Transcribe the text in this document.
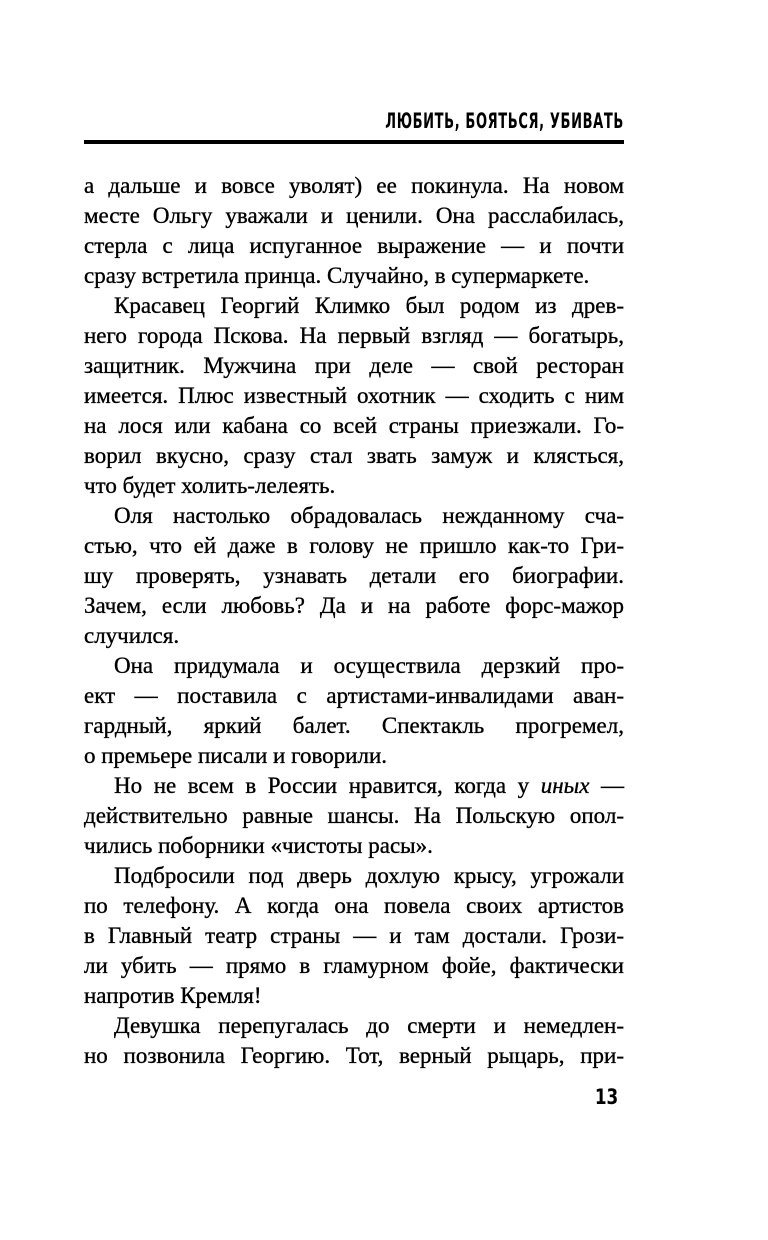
ЛЮБИТЬ, БОЯТЬСЯ, УБИВАТЬ
а дальше и вовсе уволят) ее покинула. На новом
месте Ольгу уважали и ценили. Она расслабилась,
стерла с лица испуганное выражение — и почти
сразу встретила принца. Случайно, в супермаркете.
Красавец Георгий Климко был родом из древ-
него города Пскова. На первый взгляд — богатырь,
защитник. Мужчина при деле — свой ресторан
имеется. Плюс известный охотник — сходить с ним
на лося или кабана со всей страны приезжали. Го-
ворил вкусно, сразу стал звать замуж и клясться,
что будет холить-лелеять.
Оля настолько обрадовалась нежданному сча-
стью, что ей даже в голову не пришло как-то Гри-
шу проверять, узнавать детали его биографии.
Зачем, если любовь? Да и на работе форс-мажор
случился.
Она придумала и осуществила дерзкий про-
ект — поставила с артистами-инвалидами аван-
гардный, яркий балет. Спектакль прогремел,
о премьере писали и говорили.
Но не всем в России нравится, когда у иных —
действительно равные шансы. На Польскую опол-
чились поборники «чистоты расы».
Подбросили под дверь дохлую крысу, угрожали
по телефону. А когда она повела своих артистов
в Главный театр страны — и там достали. Грози-
ли убить — прямо в гламурном фойе, фактически
напротив Кремля!
Девушка перепугалась до смерти и немедлен-
но позвонила Георгию. Тот, верный рыцарь, при-
13
